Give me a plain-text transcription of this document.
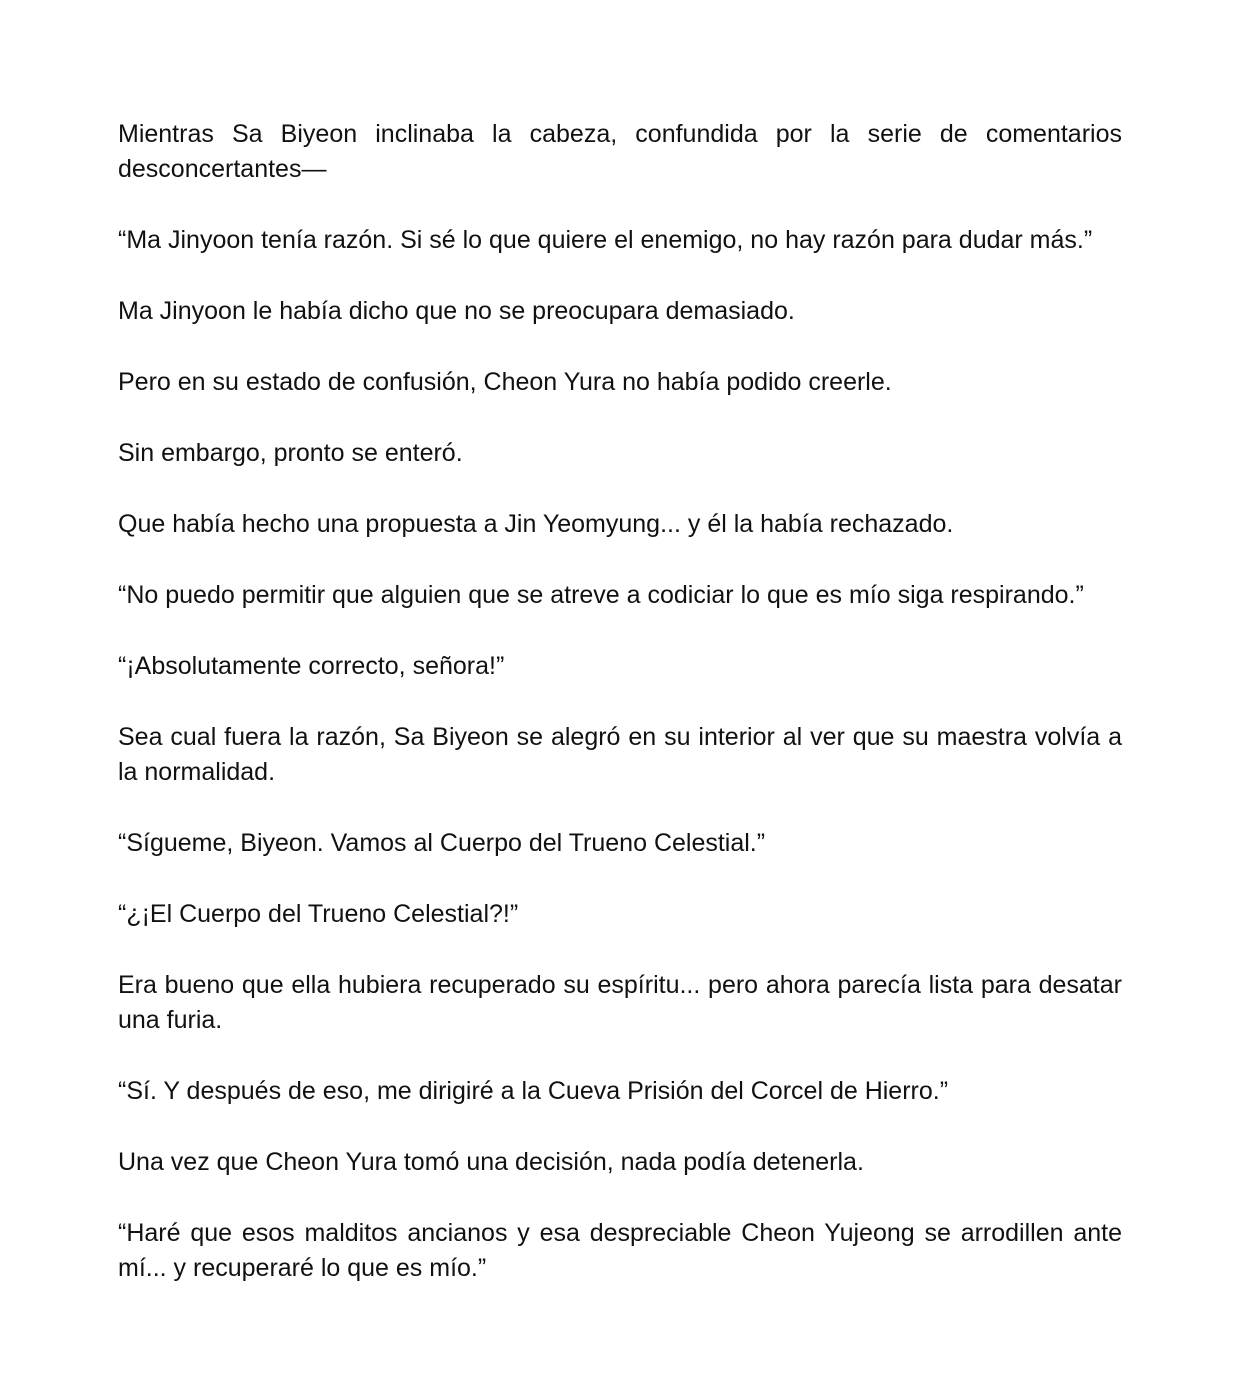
Mientras Sa Biyeon inclinaba la cabeza, confundida por la serie de comentarios desconcertantes—

“Ma Jinyoon tenía razón. Si sé lo que quiere el enemigo, no hay razón para dudar más.”

Ma Jinyoon le había dicho que no se preocupara demasiado.

Pero en su estado de confusión, Cheon Yura no había podido creerle.

Sin embargo, pronto se enteró.

Que había hecho una propuesta a Jin Yeomyung... y él la había rechazado.

“No puedo permitir que alguien que se atreve a codiciar lo que es mío siga respirando.”

“¡Absolutamente correcto, señora!”

Sea cual fuera la razón, Sa Biyeon se alegró en su interior al ver que su maestra volvía a la normalidad.

“Sígueme, Biyeon. Vamos al Cuerpo del Trueno Celestial.”

“¿¡El Cuerpo del Trueno Celestial?!”

Era bueno que ella hubiera recuperado su espíritu... pero ahora parecía lista para desatar una furia.

“Sí. Y después de eso, me dirigiré a la Cueva Prisión del Corcel de Hierro.”

Una vez que Cheon Yura tomó una decisión, nada podía detenerla.

“Haré que esos malditos ancianos y esa despreciable Cheon Yujeong se arrodillen ante mí... y recuperaré lo que es mío.”
